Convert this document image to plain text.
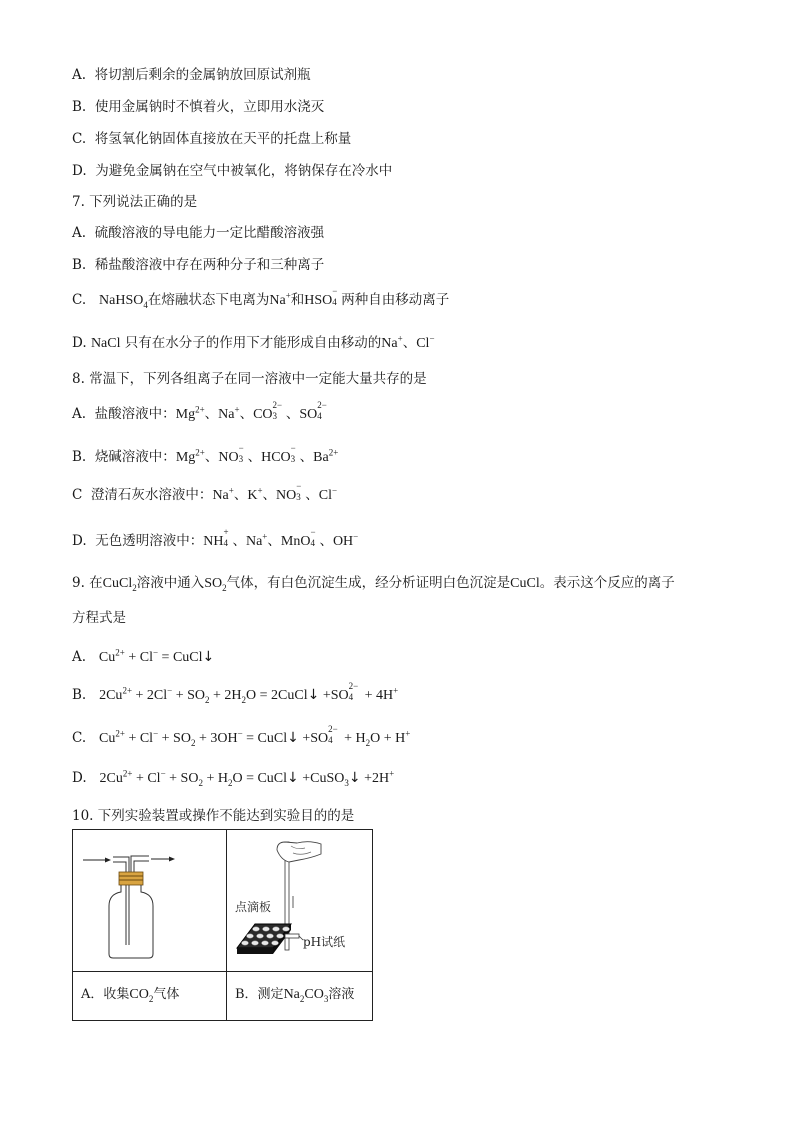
A. 将切割后剩余的金属钠放回原试剂瓶
B. 使用金属钠时不慎着火，立即用水浇灭
C. 将氢氧化钠固体直接放在天平的托盘上称量
D. 为避免金属钠在空气中被氧化，将钠保存在冷水中
7. 下列说法正确的是
A. 硫酸溶液的导电能力一定比醋酸溶液强
B. 稀盐酸溶液中存在两种分子和三种离子
C. NaHSO$_4$在熔融状态下电离为Na+和HSO
−
4 两种自由移动离子
D. NaCl 只有在水分子的作用下才能形成自由移动的Na+、Cl−
8. 常温下，下列各组离子在同一溶液中一定能大量共存的是
A. 盐酸溶液中：$Mg^{2+}$、Na+、CO
2−
3 、SO
2−
4
B. 烧碱溶液中：$Mg^{2+}$、NO
−
3 、HCO
−
3 、$Ba^{2+}$
C 澄清石灰水溶液中：Na+、K+、NO
−
3 、Cl−
D. 无色透明溶液中：NH
+
4 、Na+、MnO
−
4 、OH−
9. 在CuCl$_2$溶液中通入$SO_2$气体，有白色沉淀生成，经分析证明白色沉淀是CuCl。表示这个反应的离子
方程式是
A. $Cu^{2+} + Cl^-$ = CuCl↓
B. $2Cu^{2+} + 2Cl^- + SO_2 + 2H_2O$ = 2CuCl↓ +SO
2−
4 + 4H+
C. $Cu^{2+} + Cl^- + SO_2 + 3OH^-$ = CuCl↓ +SO
2−
$4 + H_2O + H^+$
D. $2Cu^{2+} + Cl^- + SO_2 + H_2O$ = CuCl↓ +CuSO$_3$↓ +2H+
10. 下列实验装置或操作不能达到实验目的的是

点滴板
pH试纸

A．收集$CO_2$气体	B．测定$Na_2CO_3$溶液
